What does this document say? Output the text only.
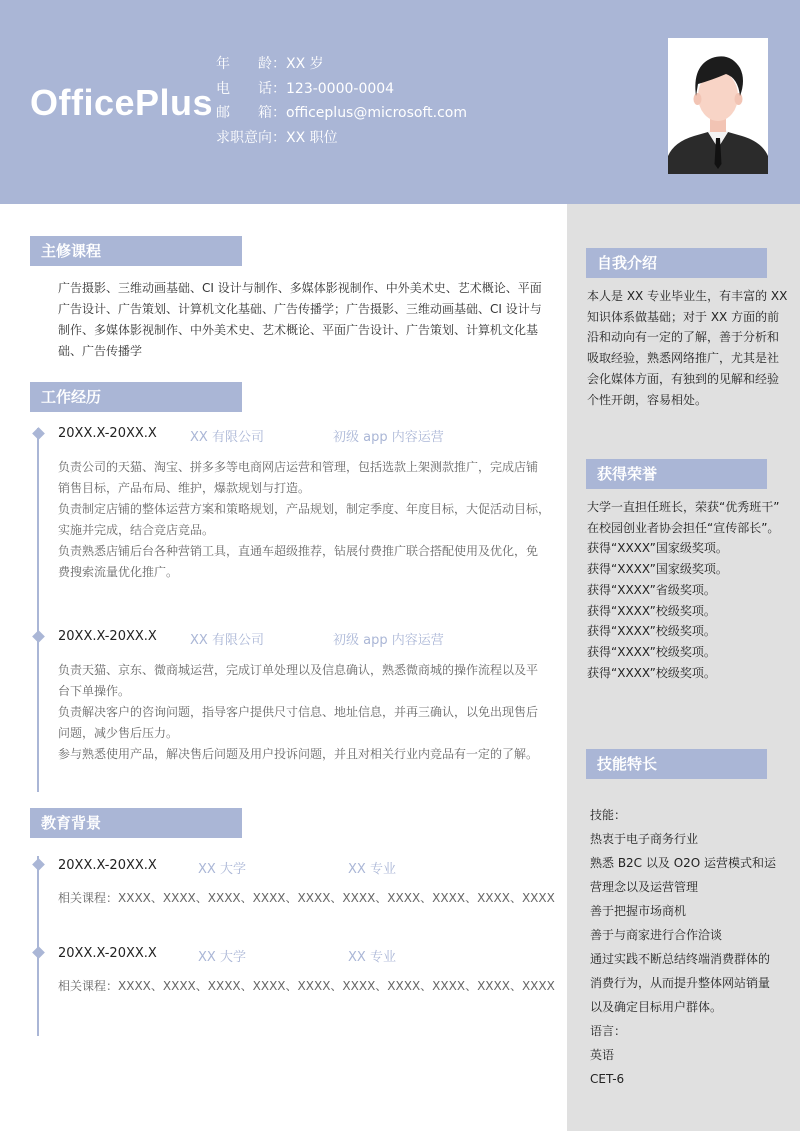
OfficePlus
年 龄： XX 岁
电 话： 123-0000-0004
邮 箱： officeplus@microsoft.com
求职意向： XX 职位
主修课程
广告摄影、三维动画基础、CI 设计与制作、多媒体影视制作、中外美术史、艺术概论、平面
广告设计、广告策划、计算机文化基础、广告传播学；广告摄影、三维动画基础、CI 设计与
制作、多媒体影视制作、中外美术史、艺术概论、平面广告设计、广告策划、计算机文化基
础、广告传播学
工作经历
20XX.X-20XX.X	XX 有限公司	初级 app 内容运营
负责公司的天猫、淘宝、拼多多等电商网店运营和管理，包括选款上架测款推广，完成店铺
销售目标，产品布局、维护，爆款规划与打造。
负责制定店铺的整体运营方案和策略规划，产品规划，制定季度、年度目标，大促活动目标，
实施并完成，结合竞店竞品。
负责熟悉店铺后台各种营销工具，直通车超级推荐，钻展付费推广联合搭配使用及优化，免
费搜索流量优化推广。
20XX.X-20XX.X	XX 有限公司	初级 app 内容运营
负责天猫、京东、微商城运营，完成订单处理以及信息确认，熟悉微商城的操作流程以及平
台下单操作。
负责解决客户的咨询问题，指导客户提供尺寸信息、地址信息，并再三确认，以免出现售后
问题，减少售后压力。
参与熟悉使用产品，解决售后问题及用户投诉问题，并且对相关行业内竞品有一定的了解。
教育背景
20XX.X-20XX.X	XX 大学	XX 专业
相关课程：XXXX、XXXX、XXXX、XXXX、XXXX、XXXX、XXXX、XXXX、XXXX、XXXX
20XX.X-20XX.X	XX 大学	XX 专业
相关课程：XXXX、XXXX、XXXX、XXXX、XXXX、XXXX、XXXX、XXXX、XXXX、XXXX
自我介绍
本人是 XX 专业毕业生，有丰富的 XX
知识体系做基础；对于 XX 方面的前
沿和动向有一定的了解，善于分析和
吸取经验，熟悉网络推广，尤其是社
会化媒体方面，有独到的见解和经验
个性开朗，容易相处。
获得荣誉
大学一直担任班长，荣获“优秀班干”
在校园创业者协会担任“宣传部长”。
获得“XXXX”国家级奖项。
获得“XXXX”国家级奖项。
获得“XXXX”省级奖项。
获得“XXXX”校级奖项。
获得“XXXX”校级奖项。
获得“XXXX”校级奖项。
获得“XXXX”校级奖项。
技能特长
技能：
热衷于电子商务行业
熟悉 B2C 以及 O2O 运营模式和运
营理念以及运营管理
善于把握市场商机
善于与商家进行合作洽谈
通过实践不断总结终端消费群体的
消费行为，从而提升整体网站销量
以及确定目标用户群体。
语言：
英语
CET-6
